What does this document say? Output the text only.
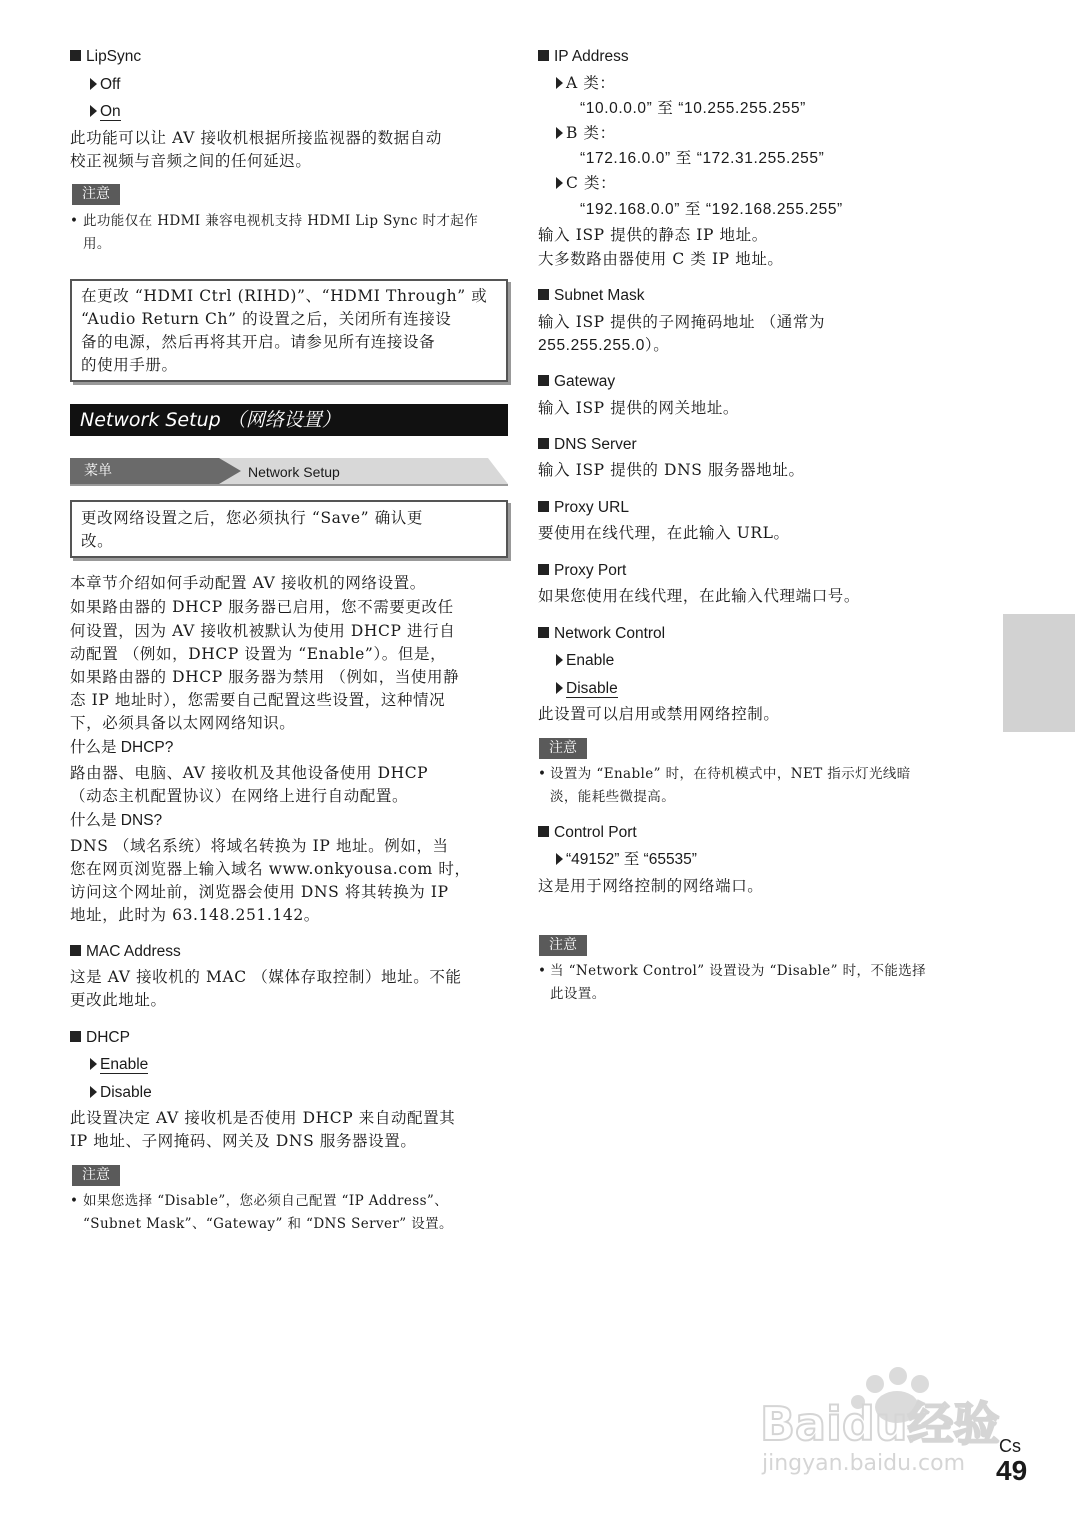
LipSync
Off
On
此功能可以让 AV 接收机根据所接监视器的数据自动
校正视频与音频之间的任何延迟。
注意
• 此功能仅在 HDMI 兼容电视机支持 HDMI Lip Sync 时才起作
用。
在更改 “HDMI Ctrl (RIHD)”、“HDMI Through” 或
“Audio Return Ch” 的设置之后，关闭所有连接设
备的电源，然后再将其开启。请参见所有连接设备
的使用手册。
Network Setup （网络设置）
菜单	Network Setup
更改网络设置之后，您必须执行 “Save” 确认更
改。
本章节介绍如何手动配置 AV 接收机的网络设置。
如果路由器的 DHCP 服务器已启用，您不需要更改任
何设置，因为 AV 接收机被默认为使用 DHCP 进行自
动配置 （例如，DHCP 设置为 “Enable”）。但是，
如果路由器的 DHCP 服务器为禁用 （例如，当使用静
态 IP 地址时），您需要自己配置这些设置，这种情况
下，必须具备以太网网络知识。
什么是 DHCP?
路由器、电脑、AV 接收机及其他设备使用 DHCP
（动态主机配置协议）在网络上进行自动配置。
什么是 DNS?
DNS （域名系统）将域名转换为 IP 地址。例如，当
您在网页浏览器上输入域名 www.onkyousa.com 时，
访问这个网址前，浏览器会使用 DNS 将其转换为 IP
地址，此时为 63.148.251.142。
MAC Address
这是 AV 接收机的 MAC （媒体存取控制）地址。不能
更改此地址。
DHCP
Enable
Disable
此设置决定 AV 接收机是否使用 DHCP 来自动配置其
IP 地址、子网掩码、网关及 DNS 服务器设置。
注意
• 如果您选择 “Disable”，您必须自己配置 “IP Address”、
“Subnet Mask”、“Gateway” 和 “DNS Server” 设置。
IP Address
A 类：
“10.0.0.0” 至 “10.255.255.255”
B 类：
“172.16.0.0” 至 “172.31.255.255”
C 类：
“192.168.0.0” 至 “192.168.255.255”
输入 ISP 提供的静态 IP 地址。
大多数路由器使用 C 类 IP 地址。
Subnet Mask
输入 ISP 提供的子网掩码地址 （通常为
255.255.255.0）。
Gateway
输入 ISP 提供的网关地址。
DNS Server
输入 ISP 提供的 DNS 服务器地址。
Proxy URL
要使用在线代理，在此输入 URL。
Proxy Port
如果您使用在线代理，在此输入代理端口号。
Network Control
Enable
Disable
此设置可以启用或禁用网络控制。
注意
• 设置为 “Enable” 时，在待机模式中，NET 指示灯光线暗
淡，能耗些微提高。
Control Port
“49152” 至 “65535”
这是用于网络控制的网络端口。
注意
• 当 “Network Control” 设置设为 “Disable” 时，不能选择
此设置。
Baidu经验
jingyan.baidu.com
Cs
49
